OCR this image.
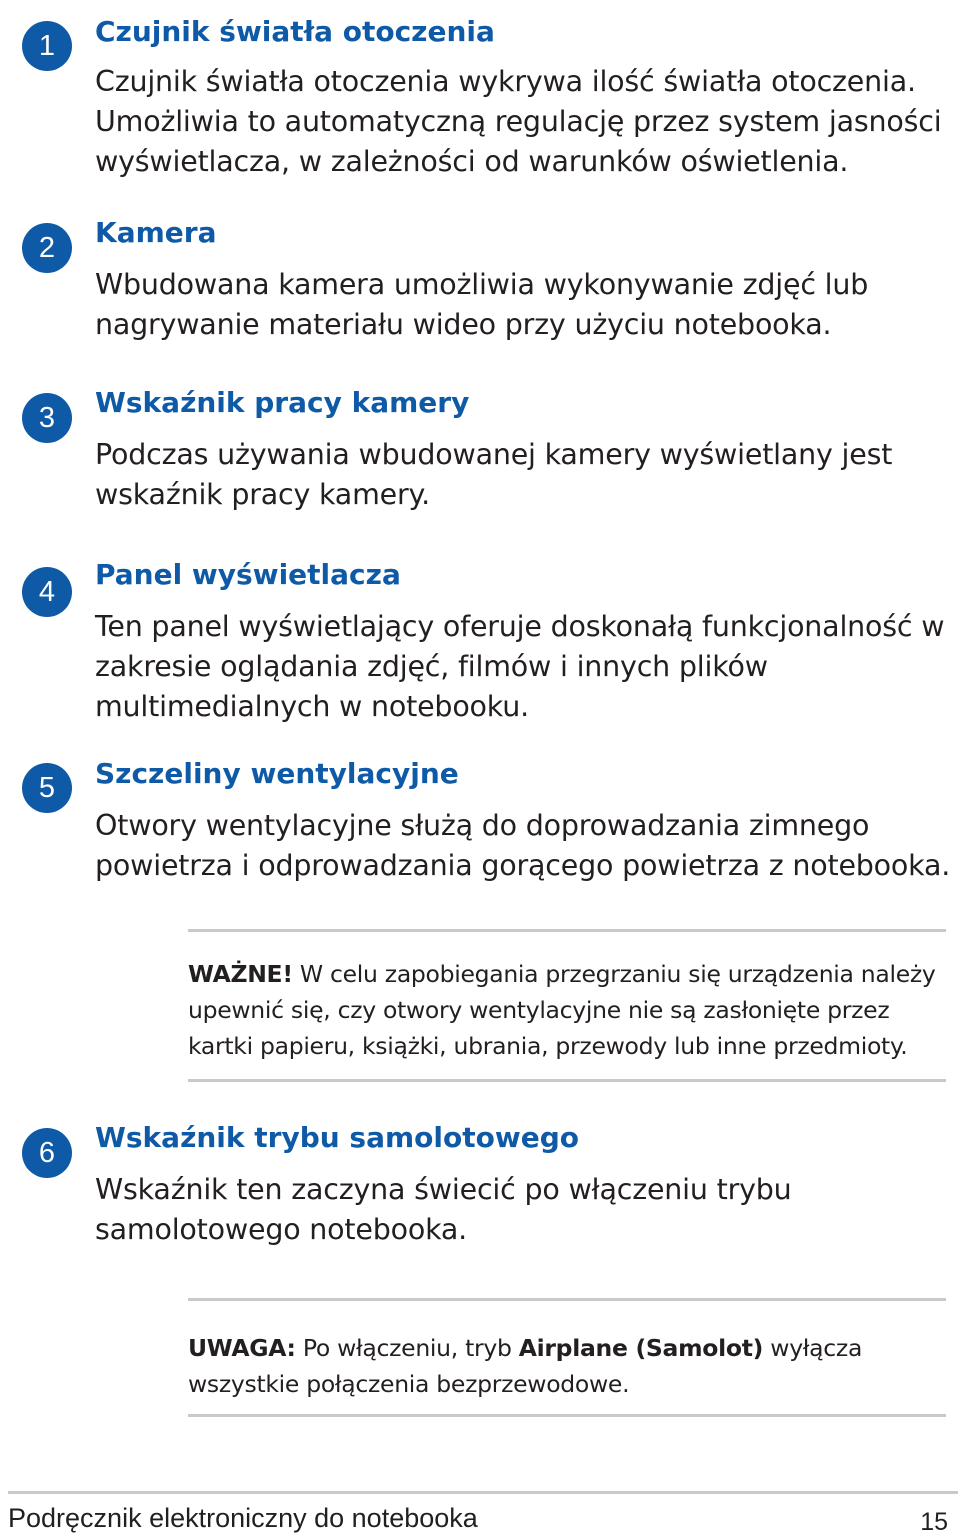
1	Czujnik światła otoczenia

Czujnik światła otoczenia wykrywa ilość światła otoczenia. Umożliwia to automatyczną regulację przez system jasności wyświetlacza, w zależności od warunków oświetlenia.

2	Kamera

Wbudowana kamera umożliwia wykonywanie zdjęć lub nagrywanie materiału wideo przy użyciu notebooka.

3	Wskaźnik pracy kamery

Podczas używania wbudowanej kamery wyświetlany jest wskaźnik pracy kamery.

4
Panel wyświetlacza

Ten panel wyświetlający oferuje doskonałą funkcjonalność w zakresie oglądania zdjęć, filmów i innych plików multimedialnych w notebooku.

5	Szczeliny wentylacyjne

Otwory wentylacyjne służą do doprowadzania zimnego powietrza i odprowadzania gorącego powietrza z notebooka.

WAŻNE! W celu zapobiegania przegrzaniu się urządzenia należy upewnić się, czy otwory wentylacyjne nie są zasłonięte przez kartki papieru, książki, ubrania, przewody lub inne przedmioty.

6	Wskaźnik trybu samolotowego

Wskaźnik ten zaczyna świecić po włączeniu trybu samolotowego notebooka.

UWAGA: Po włączeniu, tryb Airplane (Samolot) wyłącza wszystkie połączenia bezprzewodowe.

Podręcznik elektroniczny do notebooka	15
